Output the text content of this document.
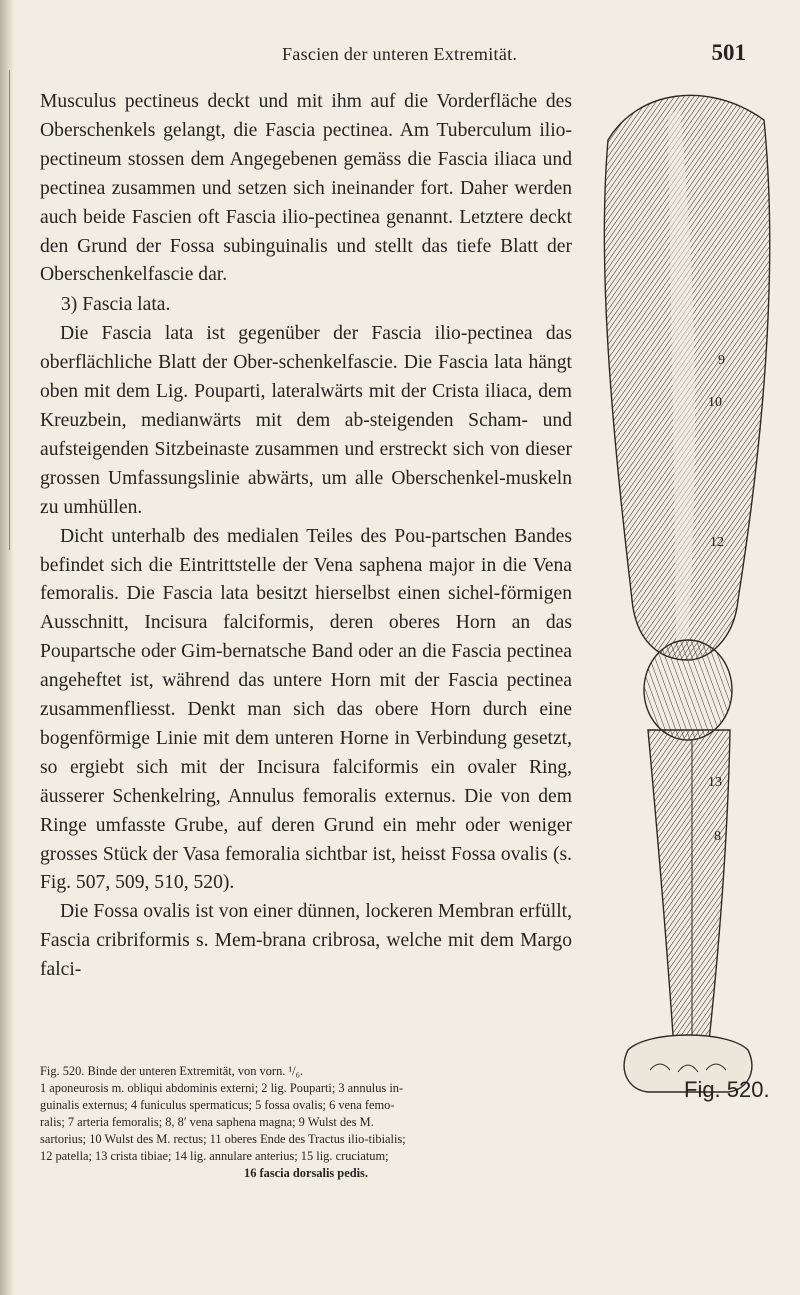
Fascien der unteren Extremität.	501

Musculus pectineus deckt und mit ihm auf die Vorderfläche des Oberschenkels gelangt, die Fascia pectinea. Am Tuberculum ilio-pectineum stossen dem Angegebenen gemäss die Fascia iliaca und pectinea zusammen und setzen sich ineinander fort. Daher werden auch beide Fascien oft Fascia ilio-pectinea genannt. Letztere deckt den Grund der Fossa subinguinalis und stellt das tiefe Blatt der Oberschenkelfascie dar.

3) Fascia lata.

Die Fascia lata ist gegenüber der Fascia ilio-pectinea das oberflächliche Blatt der Ober-schenkelfascie. Die Fascia lata hängt oben mit dem Lig. Pouparti, lateralwärts mit der Crista iliaca, dem Kreuzbein, medianwärts mit dem ab-steigenden Scham- und aufsteigenden Sitzbeinaste zusammen und erstreckt sich von dieser grossen Umfassungslinie abwärts, um alle Oberschenkel-muskeln zu umhüllen.

Dicht unterhalb des medialen Teiles des Pou-partschen Bandes befindet sich die Eintrittstelle der Vena saphena major in die Vena femoralis. Die Fascia lata besitzt hierselbst einen sichel-förmigen Ausschnitt, Incisura falciformis, deren oberes Horn an das Poupartsche oder Gim-bernatsche Band oder an die Fascia pectinea angeheftet ist, während das untere Horn mit der Fascia pectinea zusammenfliesst. Denkt man sich das obere Horn durch eine bogenförmige Linie mit dem unteren Horne in Verbindung gesetzt, so ergiebt sich mit der Incisura falciformis ein ovaler Ring, äusserer Schenkelring, Annulus femoralis externus. Die von dem Ringe umfasste Grube, auf deren Grund ein mehr oder weniger grosses Stück der Vasa femoralia sichtbar ist, heisst Fossa ovalis (s. Fig. 507, 509, 510, 520).

Die Fossa ovalis ist von einer dünnen, lockeren Membran erfüllt, Fascia cribriformis s. Mem-brana cribrosa, welche mit dem Margo falci-

Fig. 520. Binde der unteren Extremität, von vorn. ¹/₆.
1 aponeurosis m. obliqui abdominis externi; 2 lig. Pouparti; 3 annulus in-
guinalis externus; 4 funiculus spermaticus; 5 fossa ovalis; 6 vena femo-
ralis; 7 arteria femoralis; 8, 8′ vena saphena magna; 9 Wulst des M.
sartorius; 10 Wulst des M. rectus; 11 oberes Ende des Tractus ilio-tibialis;
12 patella; 13 crista tibiae; 14 lig. annulare anterius; 15 lig. cruciatum;
16 fascia dorsalis pedis.
9
10
12
13
8
Fig. 520.
